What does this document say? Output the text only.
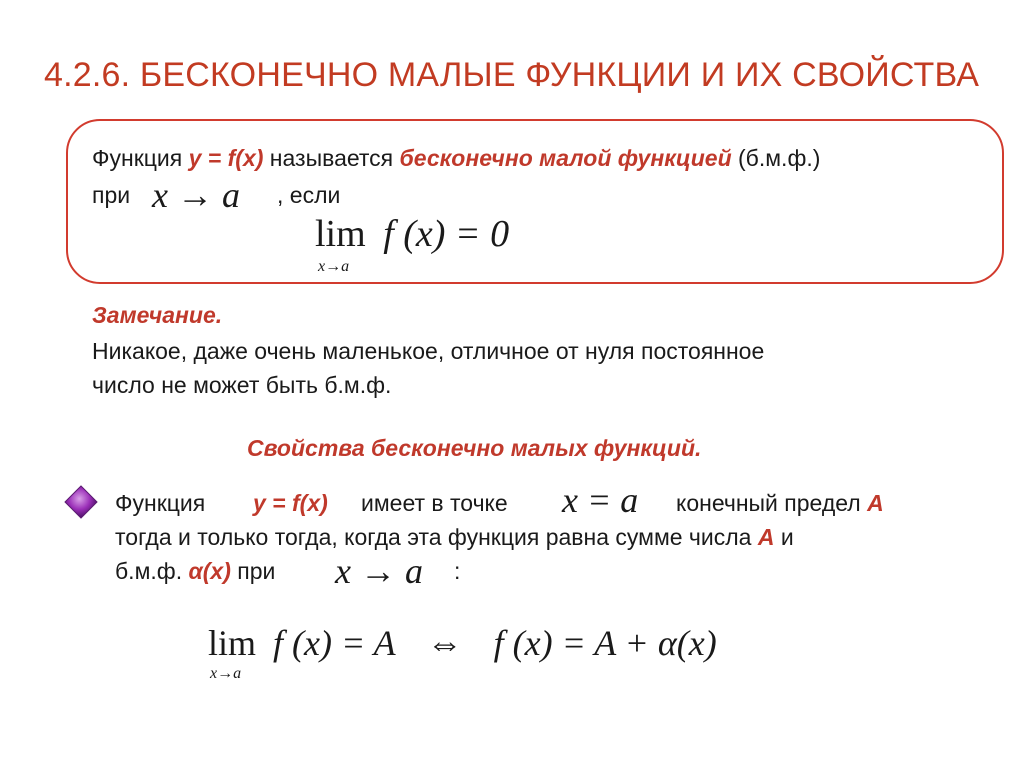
4.2.6. БЕСКОНЕЧНО МАЛЫЕ ФУНКЦИИ И ИХ СВОЙСТВА
Функция y = f(x) называется бесконечно малой функцией (б.м.ф.)
при x → a , если
lim f (x) = 0
x→a
Замечание.
Никакое, даже очень маленькое, отличное от нуля постоянное
число не может быть б.м.ф.
Свойства бесконечно малых функций.
Функция y = f(x) имеет в точке x = a конечный предел A
тогда и только тогда, когда эта функция равна сумме числа A и
б.м.ф. α(x) при x → a :
lim f (x) = A ⇔ f (x) = A + α(x)
x→a
